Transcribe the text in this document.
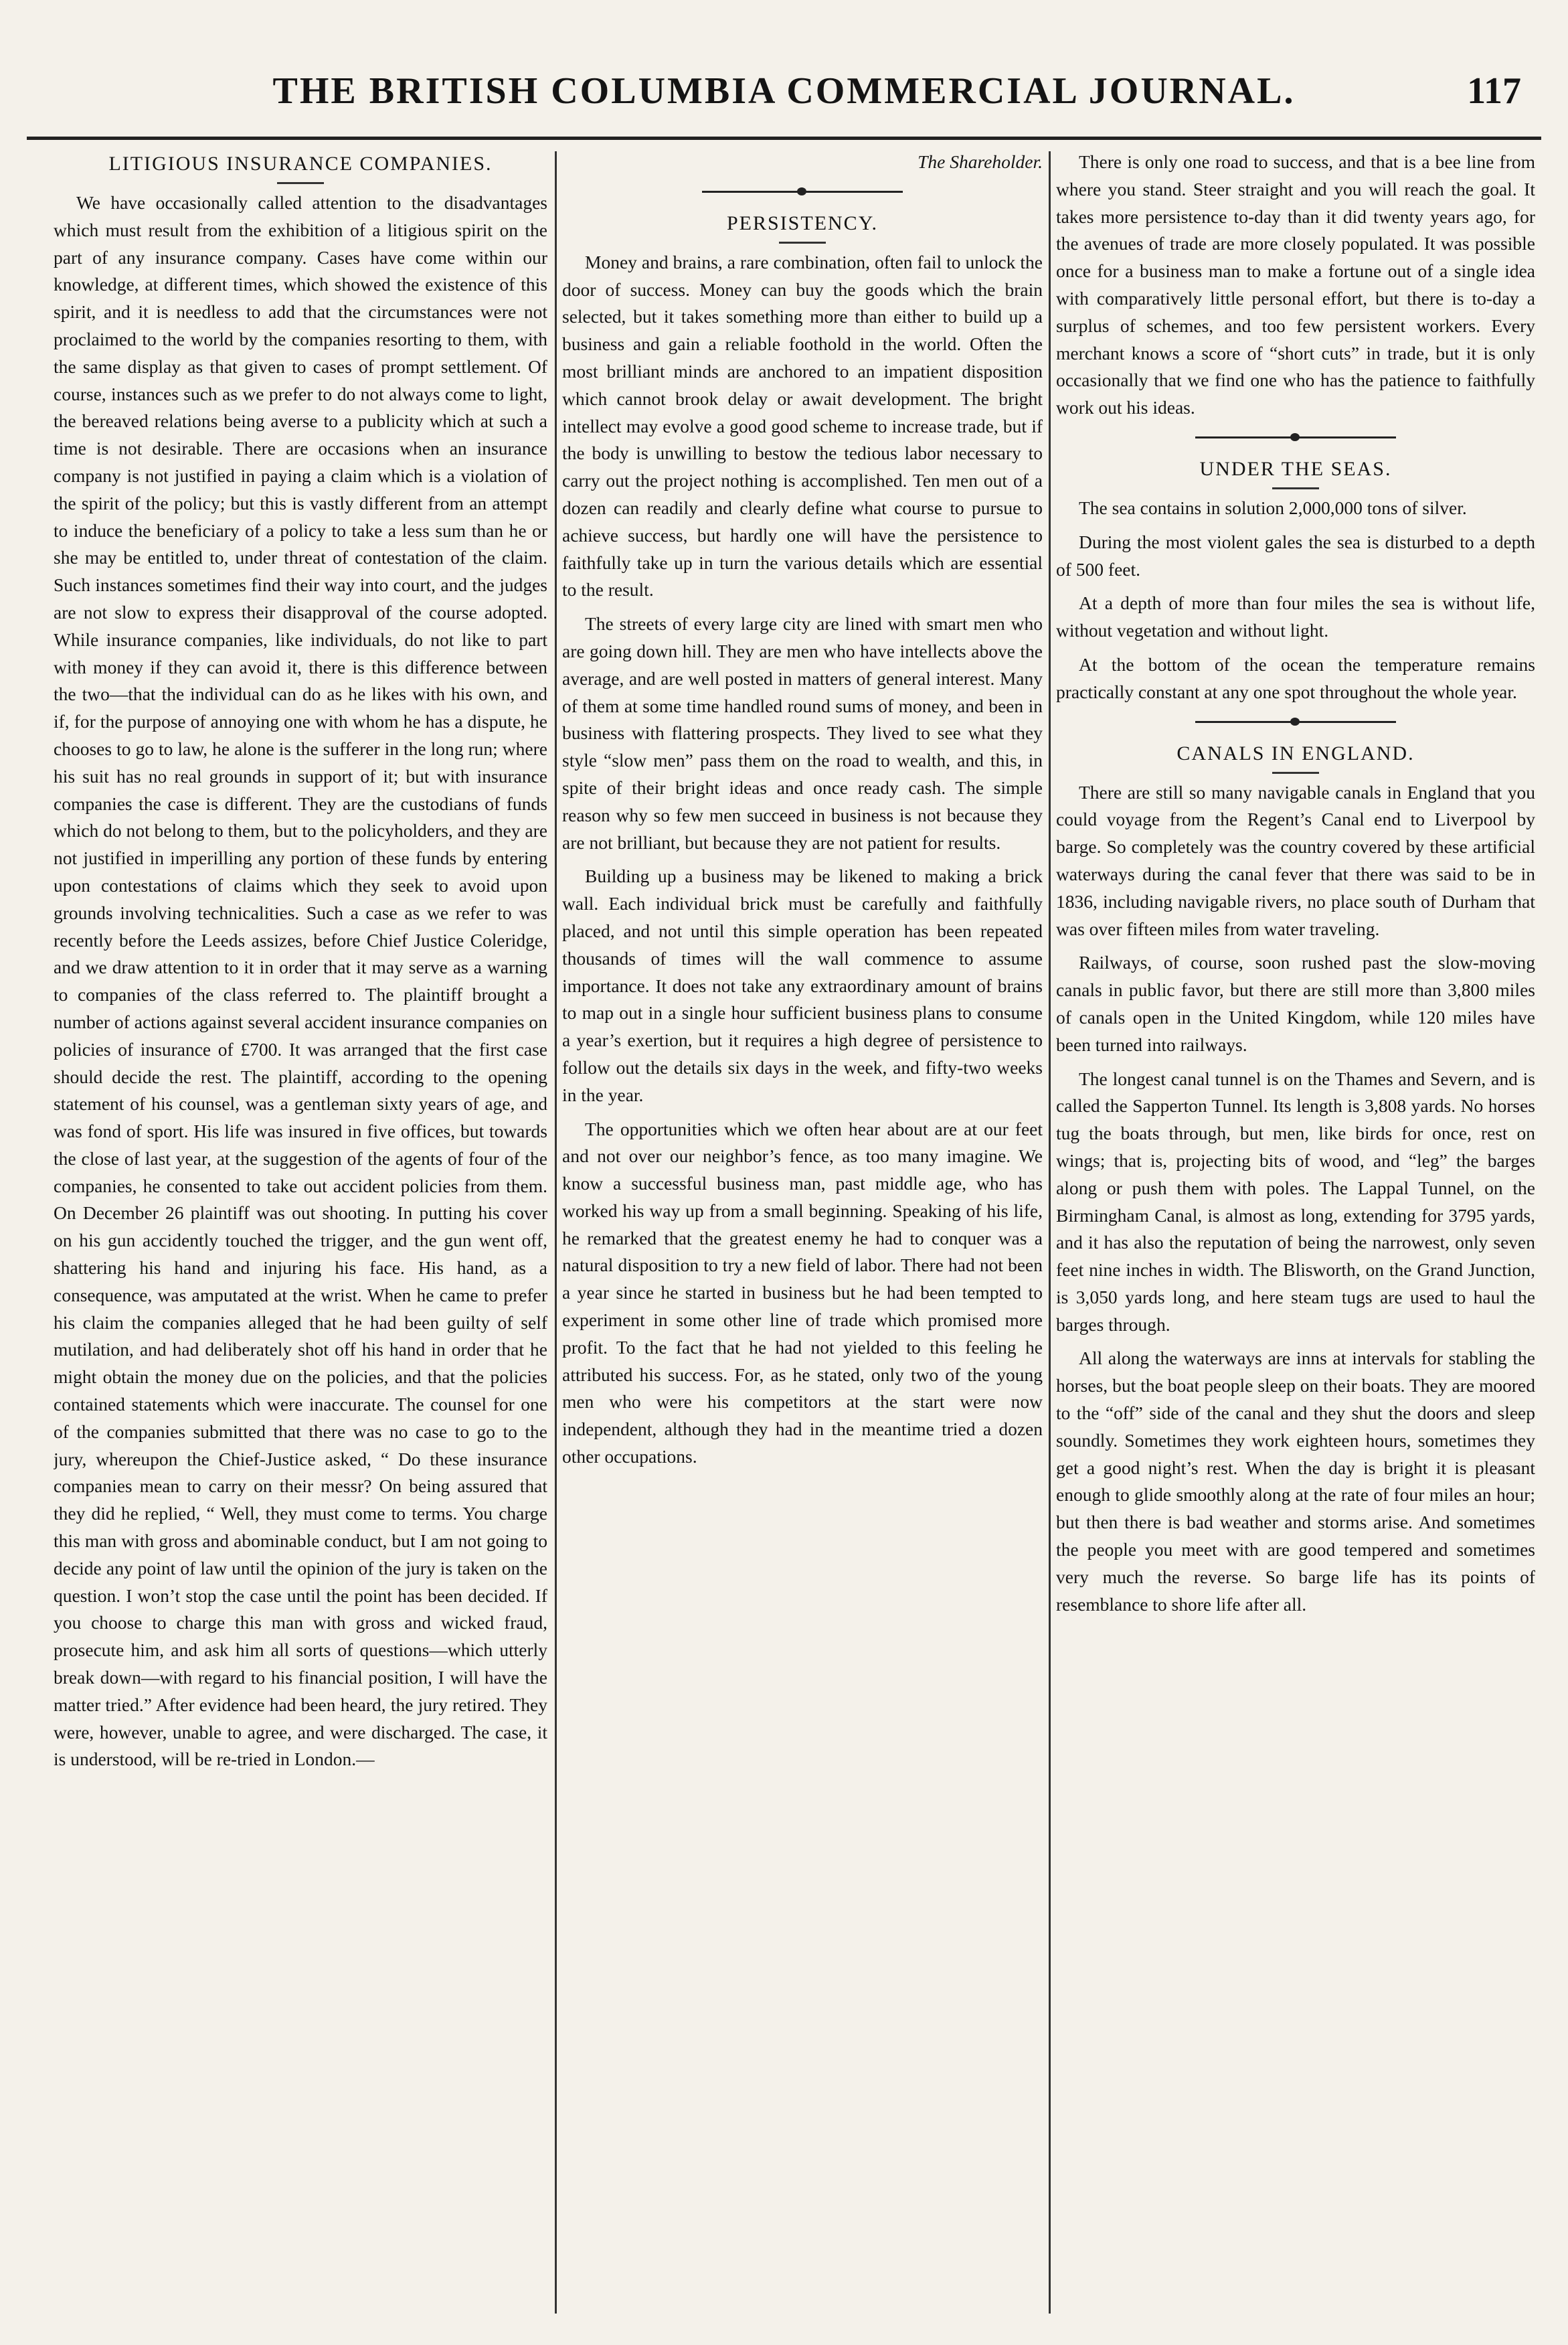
THE BRITISH COLUMBIA COMMERCIAL JOURNAL.	117
LITIGIOUS INSURANCE COMPANIES.

We have occasionally called attention to the disadvantages which must result from the exhibition of a litigious spirit on the part of any insurance company. Cases have come within our knowledge, at different times, which showed the existence of this spirit, and it is needless to add that the circumstances were not proclaimed to the world by the companies resorting to them, with the same display as that given to cases of prompt settlement. Of course, instances such as we prefer to do not always come to light, the bereaved relations being averse to a publicity which at such a time is not desirable. There are occasions when an insurance company is not justified in paying a claim which is a violation of the spirit of the policy; but this is vastly different from an attempt to induce the beneficiary of a policy to take a less sum than he or she may be entitled to, under threat of contestation of the claim. Such instances sometimes find their way into court, and the judges are not slow to express their disapproval of the course adopted. While insurance companies, like individuals, do not like to part with money if they can avoid it, there is this difference between the two—that the individual can do as he likes with his own, and if, for the purpose of annoying one with whom he has a dispute, he chooses to go to law, he alone is the sufferer in the long run; where his suit has no real grounds in support of it; but with insurance companies the case is different. They are the custodians of funds which do not belong to them, but to the policyholders, and they are not justified in imperilling any portion of these funds by entering upon contestations of claims which they seek to avoid upon grounds involving technicalities. Such a case as we refer to was recently before the Leeds assizes, before Chief Justice Coleridge, and we draw attention to it in order that it may serve as a warning to companies of the class referred to. The plaintiff brought a number of actions against several accident insurance companies on policies of insurance of £700. It was arranged that the first case should decide the rest. The plaintiff, according to the opening statement of his counsel, was a gentleman sixty years of age, and was fond of sport. His life was insured in five offices, but towards the close of last year, at the suggestion of the agents of four of the companies, he consented to take out accident policies from them. On December 26 plaintiff was out shooting. In putting his cover on his gun accidently touched the trigger, and the gun went off, shattering his hand and injuring his face. His hand, as a consequence, was amputated at the wrist. When he came to prefer his claim the companies alleged that he had been guilty of self mutilation, and had deliberately shot off his hand in order that he might obtain the money due on the policies, and that the policies contained statements which were inaccurate. The counsel for one of the companies submitted that there was no case to go to the jury, whereupon the Chief-Justice asked, “ Do these insurance companies mean to carry on their messr? On being assured that they did he replied, “ Well, they must come to terms. You charge this man with gross and abominable conduct, but I am not going to decide any point of law until the opinion of the jury is taken on the question. I won’t stop the case until the point has been decided. If you choose to charge this man with gross and wicked fraud, prosecute him, and ask him all sorts of questions—which utterly break down—with regard to his financial position, I will have the matter tried.” After evidence had been heard, the jury retired. They were, however, unable to agree, and were discharged. The case, it is understood, will be re-tried in London.—

The Shareholder.
PERSISTENCY.

Money and brains, a rare combination, often fail to unlock the door of success. Money can buy the goods which the brain selected, but it takes something more than either to build up a business and gain a reliable foothold in the world. Often the most brilliant minds are anchored to an impatient disposition which cannot brook delay or await development. The bright intellect may evolve a good good scheme to increase trade, but if the body is unwilling to bestow the tedious labor necessary to carry out the project nothing is accomplished. Ten men out of a dozen can readily and clearly define what course to pursue to achieve success, but hardly one will have the persistence to faithfully take up in turn the various details which are essential to the result.

The streets of every large city are lined with smart men who are going down hill. They are men who have intellects above the average, and are well posted in matters of general interest. Many of them at some time handled round sums of money, and been in business with flattering prospects. They lived to see what they style “slow men” pass them on the road to wealth, and this, in spite of their bright ideas and once ready cash. The simple reason why so few men succeed in business is not because they are not brilliant, but because they are not patient for results.

Building up a business may be likened to making a brick wall. Each individual brick must be carefully and faithfully placed, and not until this simple operation has been repeated thousands of times will the wall commence to assume importance. It does not take any extraordinary amount of brains to map out in a single hour sufficient business plans to consume a year’s exertion, but it requires a high degree of persistence to follow out the details six days in the week, and fifty-two weeks in the year.

The opportunities which we often hear about are at our feet and not over our neighbor’s fence, as too many imagine. We know a successful business man, past middle age, who has worked his way up from a small beginning. Speaking of his life, he remarked that the greatest enemy he had to conquer was a natural disposition to try a new field of labor. There had not been a year since he started in business but he had been tempted to experiment in some other line of trade which promised more profit. To the fact that he had not yielded to this feeling he attributed his success. For, as he stated, only two of the young men who were his competitors at the start were now independent, although they had in the meantime tried a dozen other occupations.

There is only one road to success, and that is a bee line from where you stand. Steer straight and you will reach the goal. It takes more persistence to-day than it did twenty years ago, for the avenues of trade are more closely populated. It was possible once for a business man to make a fortune out of a single idea with comparatively little personal effort, but there is to-day a surplus of schemes, and too few persistent workers. Every merchant knows a score of “short cuts” in trade, but it is only occasionally that we find one who has the patience to faithfully work out his ideas.

UNDER THE SEAS.

The sea contains in solution 2,000,000 tons of silver.

During the most violent gales the sea is disturbed to a depth of 500 feet.

At a depth of more than four miles the sea is without life, without vegetation and without light.

At the bottom of the ocean the temperature remains practically constant at any one spot throughout the whole year.

CANALS IN ENGLAND.

There are still so many navigable canals in England that you could voyage from the Regent’s Canal end to Liverpool by barge. So completely was the country covered by these artificial waterways during the canal fever that there was said to be in 1836, including navigable rivers, no place south of Durham that was over fifteen miles from water traveling.

Railways, of course, soon rushed past the slow-moving canals in public favor, but there are still more than 3,800 miles of canals open in the United Kingdom, while 120 miles have been turned into railways.

The longest canal tunnel is on the Thames and Severn, and is called the Sapperton Tunnel. Its length is 3,808 yards. No horses tug the boats through, but men, like birds for once, rest on wings; that is, projecting bits of wood, and “leg” the barges along or push them with poles. The Lappal Tunnel, on the Birmingham Canal, is almost as long, extending for 3795 yards, and it has also the reputation of being the narrowest, only seven feet nine inches in width. The Blisworth, on the Grand Junction, is 3,050 yards long, and here steam tugs are used to haul the barges through.

All along the waterways are inns at intervals for stabling the horses, but the boat people sleep on their boats. They are moored to the “off” side of the canal and they shut the doors and sleep soundly. Sometimes they work eighteen hours, sometimes they get a good night’s rest. When the day is bright it is pleasant enough to glide smoothly along at the rate of four miles an hour; but then there is bad weather and storms arise. And sometimes the people you meet with are good tempered and sometimes very much the reverse. So barge life has its points of resemblance to shore life after all.
